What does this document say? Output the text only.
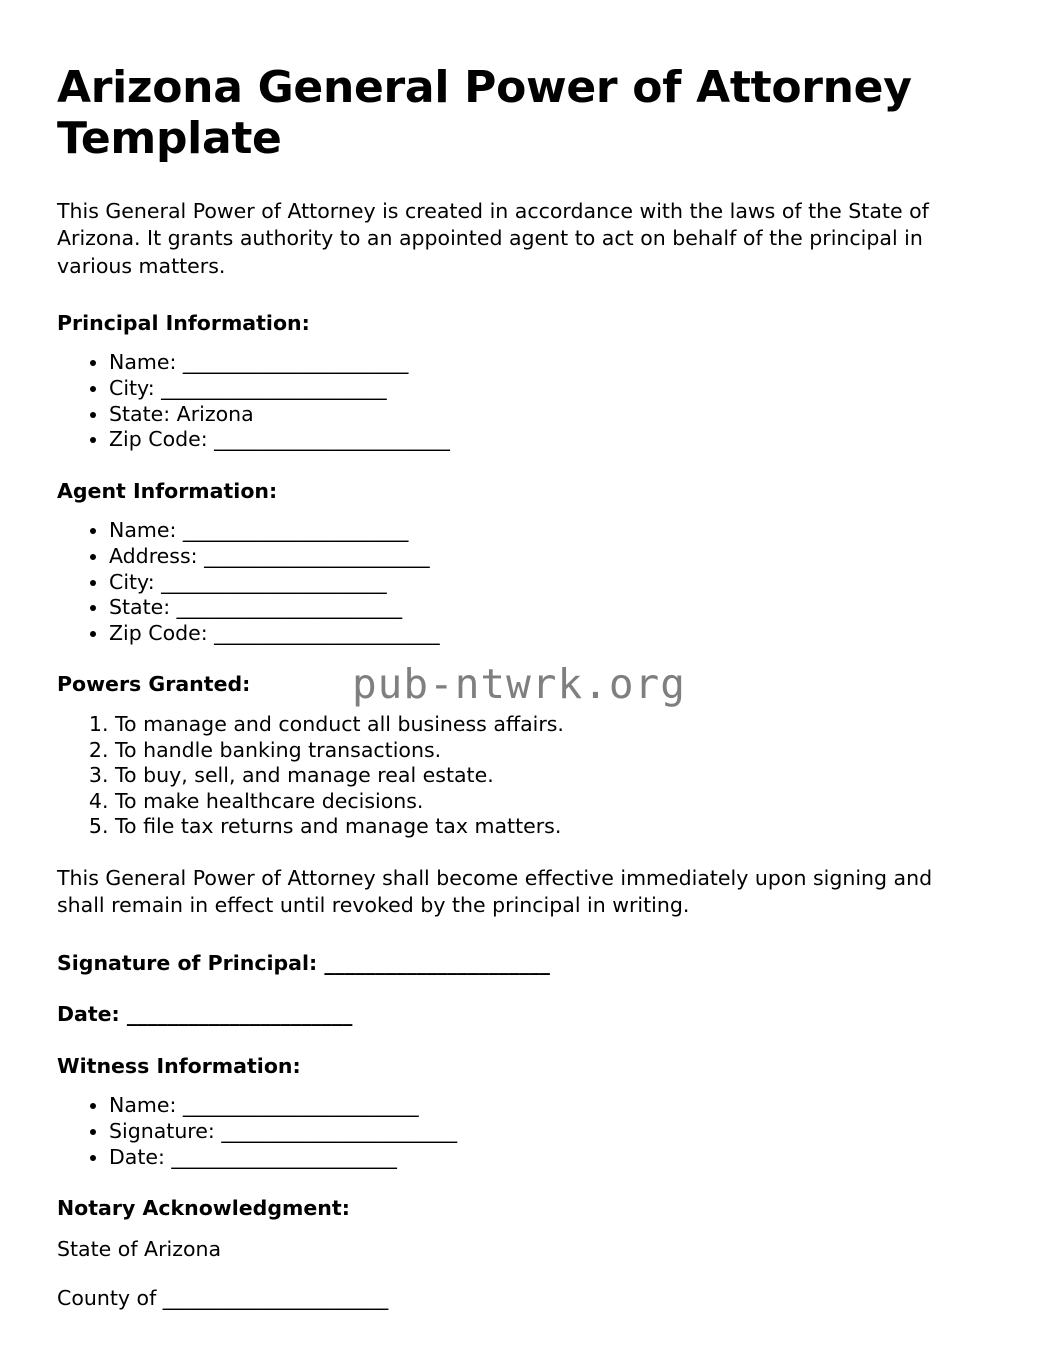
pub-ntwrk.org
Arizona General Power of Attorney Template

This General Power of Attorney is created in accordance with the laws of the State of Arizona. It grants authority to an appointed agent to act on behalf of the principal in various matters.

Principal Information:
• Name: ______________________
• City: ______________________
• State: Arizona
• Zip Code: _______________________
Agent Information:
• Name: ______________________
• Address: ______________________
• City: ______________________
• State: ______________________
• Zip Code: ______________________
Powers Granted:
1. To manage and conduct all business affairs.
2. To handle banking transactions.
3. To buy, sell, and manage real estate.
4. To make healthcare decisions.
5. To file tax returns and manage tax matters.

This General Power of Attorney shall become effective immediately upon signing and shall remain in effect until revoked by the principal in writing.

Signature of Principal: ______________________
Date: ______________________
Witness Information:
• Name: _______________________
• Signature: _______________________
• Date: ______________________
Notary Acknowledgment:
State of Arizona
County of ______________________
